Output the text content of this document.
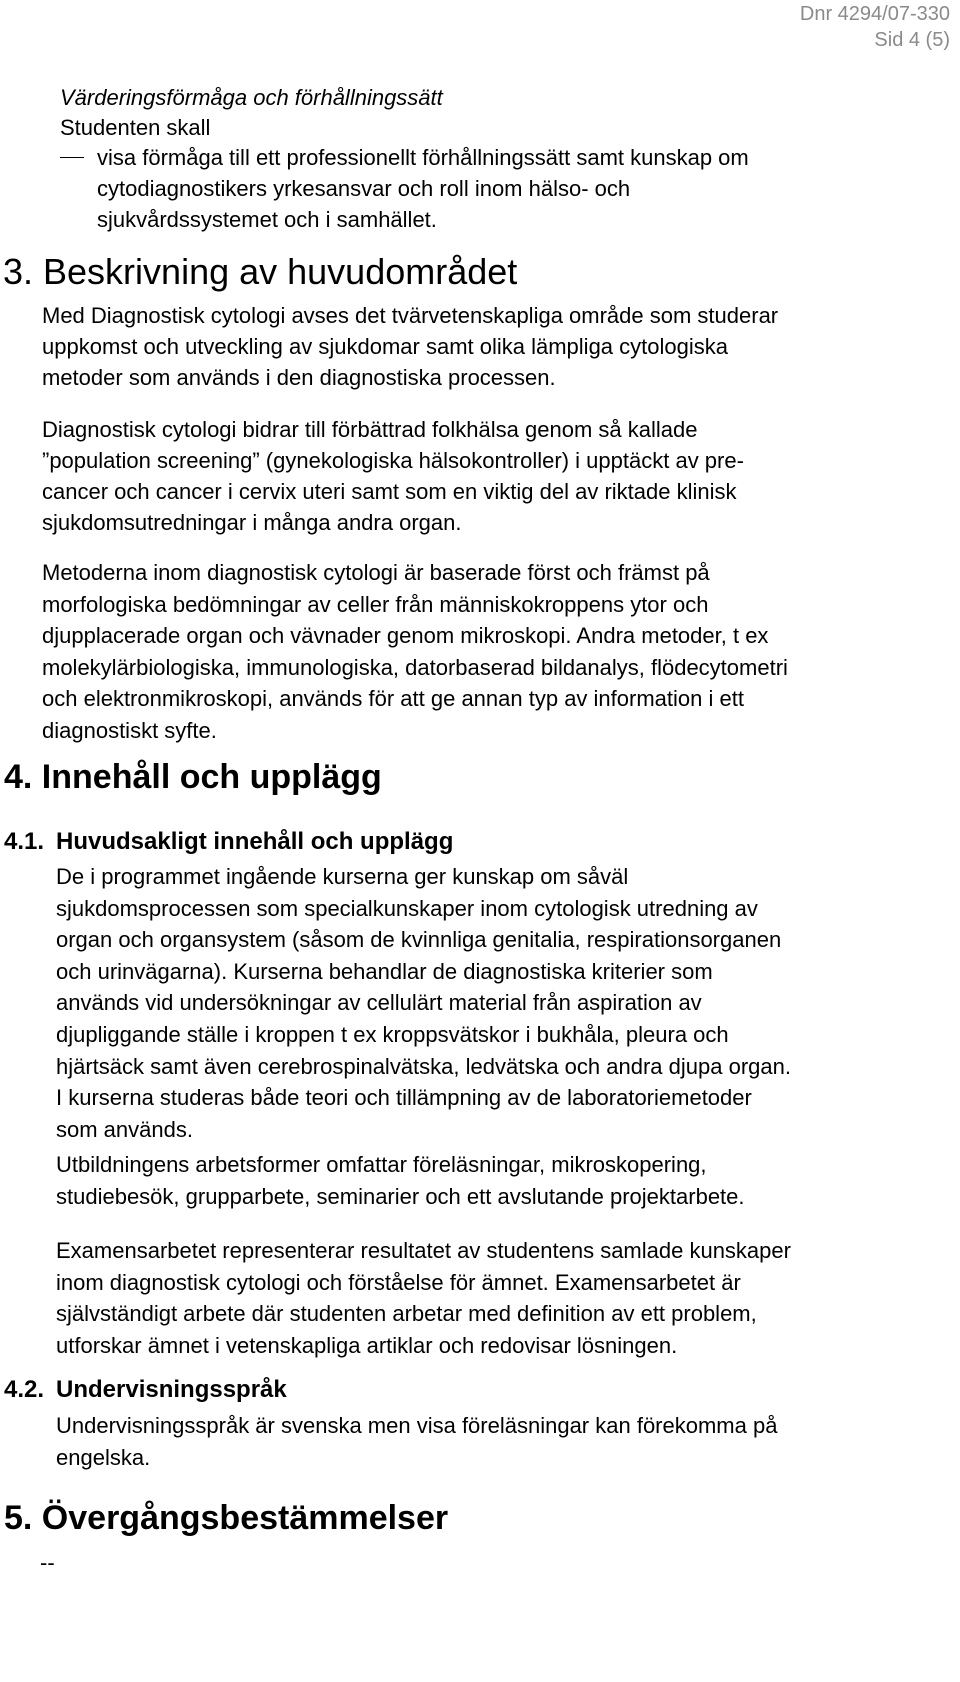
Dnr 4294/07-330
Sid 4 (5)
Värderingsförmåga och förhållningssätt
Studenten skall
visa förmåga till ett professionellt förhållningssätt samt kunskap om
cytodiagnostikers yrkesansvar och roll inom hälso- och
sjukvårdssystemet och i samhället.
3. Beskrivning av huvudområdet
Med Diagnostisk cytologi avses det tvärvetenskapliga område som studerar
uppkomst och utveckling av sjukdomar samt olika lämpliga cytologiska
metoder som används i den diagnostiska processen.
Diagnostisk cytologi bidrar till förbättrad folkhälsa genom så kallade
”population screening” (gynekologiska hälsokontroller) i upptäckt av pre-
cancer och cancer i cervix uteri samt som en viktig del av riktade klinisk
sjukdomsutredningar i många andra organ.
Metoderna inom diagnostisk cytologi är baserade först och främst på
morfologiska bedömningar av celler från människokroppens ytor och
djupplacerade organ och vävnader genom mikroskopi. Andra metoder, t ex
molekylärbiologiska, immunologiska, datorbaserad bildanalys, flödecytometri
och elektronmikroskopi, används för att ge annan typ av information i ett
diagnostiskt syfte.
4. Innehåll och upplägg
4.1. Huvudsakligt innehåll och upplägg
De i programmet ingående kurserna ger kunskap om såväl
sjukdomsprocessen som specialkunskaper inom cytologisk utredning av
organ och organsystem (såsom de kvinnliga genitalia, respirationsorganen
och urinvägarna). Kurserna behandlar de diagnostiska kriterier som
används vid undersökningar av cellulärt material från aspiration av
djupliggande ställe i kroppen t ex kroppsvätskor i bukhåla, pleura och
hjärtsäck samt även cerebrospinalvätska, ledvätska och andra djupa organ.
I kurserna studeras både teori och tillämpning av de laboratoriemetoder
som används.
Utbildningens arbetsformer omfattar föreläsningar, mikroskopering,
studiebesök, grupparbete, seminarier och ett avslutande projektarbete.
Examensarbetet representerar resultatet av studentens samlade kunskaper
inom diagnostisk cytologi och förståelse för ämnet. Examensarbetet är
självständigt arbete där studenten arbetar med definition av ett problem,
utforskar ämnet i vetenskapliga artiklar och redovisar lösningen.
4.2. Undervisningsspråk
Undervisningsspråk är svenska men visa föreläsningar kan förekomma på
engelska.
5. Övergångsbestämmelser
--
